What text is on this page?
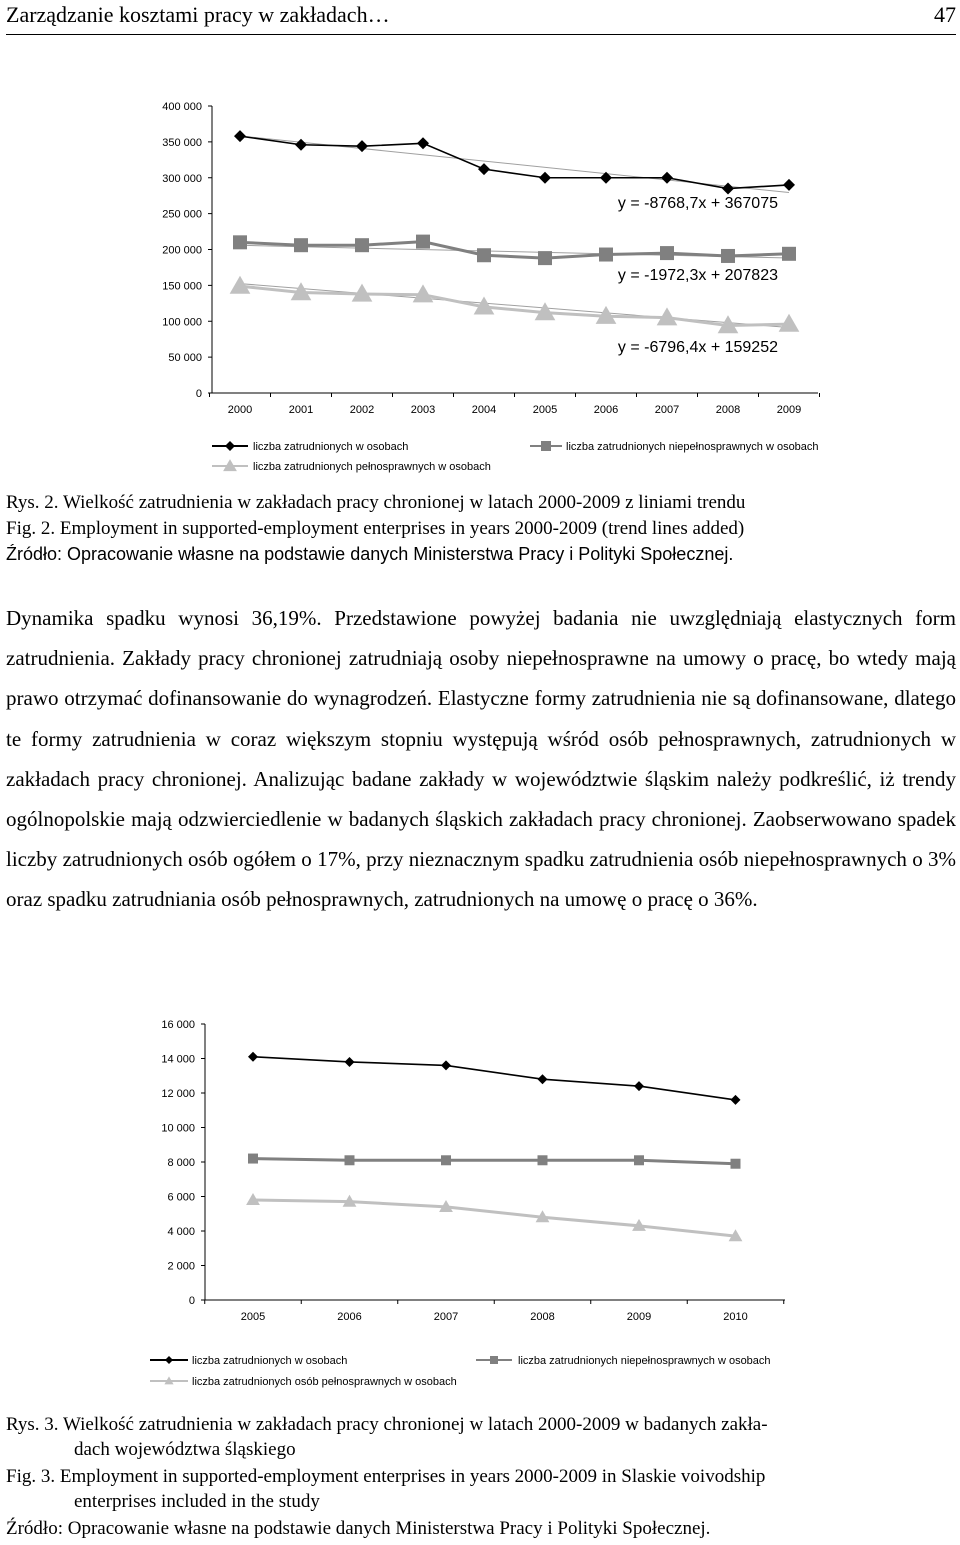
Zarządzanie kosztami pracy w zakładach…	47
0
50 000
100 000
150 000
200 000
250 000
300 000
350 000
400 000
2000	2001	2002	2003	2004	2005	2006	2007	2008	2009
y = -8768,7x + 367075
y = -1972,3x + 207823
y = -6796,4x + 159252
liczba zatrudnionych w osobach	liczba zatrudnionych niepełnosprawnych w osobach
liczba zatrudnionych pełnosprawnych w osobach
Rys. 2. Wielkość zatrudnienia w zakładach pracy chronionej w latach 2000-2009 z liniami trendu
Fig. 2. Employment in supported-employment enterprises in years 2000-2009 (trend lines added)
Źródło: Opracowanie własne na podstawie danych Ministerstwa Pracy i Polityki Społecznej.

Dynamika spadku wynosi 36,19%. Przedstawione powyżej badania nie uwzględniają elastycznych form zatrudnienia. Zakłady pracy chronionej zatrudniają osoby niepełnosprawne na umowy o pracę, bo wtedy mają prawo otrzymać dofinansowanie do wynagrodzeń. Elastyczne formy zatrudnienia nie są dofinansowane, dlatego te formy zatrudnienia w coraz większym stopniu występują wśród osób pełnosprawnych, zatrudnionych w zakładach pracy chronionej. Analizując badane zakłady w województwie śląskim należy podkreślić, iż trendy ogólnopolskie mają odzwierciedlenie w badanych śląskich zakładach pracy chronionej. Zaobserwowano spadek liczby zatrudnionych osób ogółem o 17%, przy nieznacznym spadku zatrudnienia osób niepełnosprawnych o 3% oraz spadku zatrudniania osób pełnosprawnych, zatrudnionych na umowę o pracę o 36%.

0
2 000
4 000
6 000
8 000
10 000
12 000
14 000
16 000
2005	2006	2007	2008	2009	2010
liczba zatrudnionych w osobach	liczba zatrudnionych niepełnosprawnych w osobach
liczba zatrudnionych osób pełnosprawnych w osobach
Rys. 3. Wielkość zatrudnienia w zakładach pracy chronionej w latach 2000-2009 w badanych zakła-
dach województwa śląskiego
Fig. 3. Employment in supported-employment enterprises in years 2000-2009 in Slaskie voivodship
enterprises included in the study
Źródło: Opracowanie własne na podstawie danych Ministerstwa Pracy i Polityki Społecznej.
